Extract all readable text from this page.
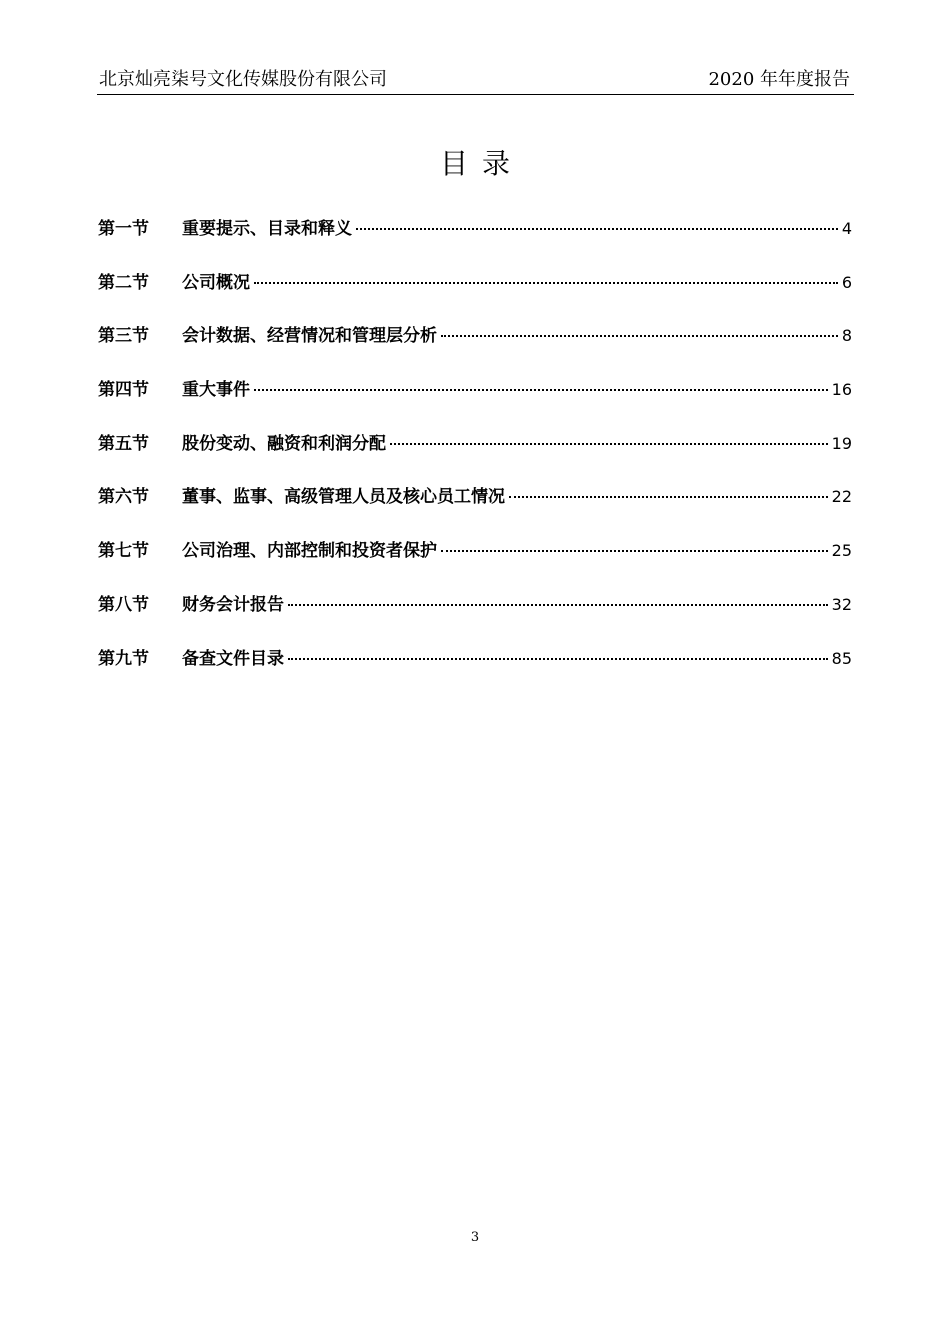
北京灿亮柒号文化传媒股份有限公司	2020 年年度报告
目录
第一节	重要提示、目录和释义	4
第二节	公司概况	6
第三节	会计数据、经营情况和管理层分析	8
第四节	重大事件	16
第五节	股份变动、融资和利润分配	19
第六节	董事、监事、高级管理人员及核心员工情况	22
第七节	公司治理、内部控制和投资者保护	25
第八节	财务会计报告	32
第九节	备查文件目录	85
3
